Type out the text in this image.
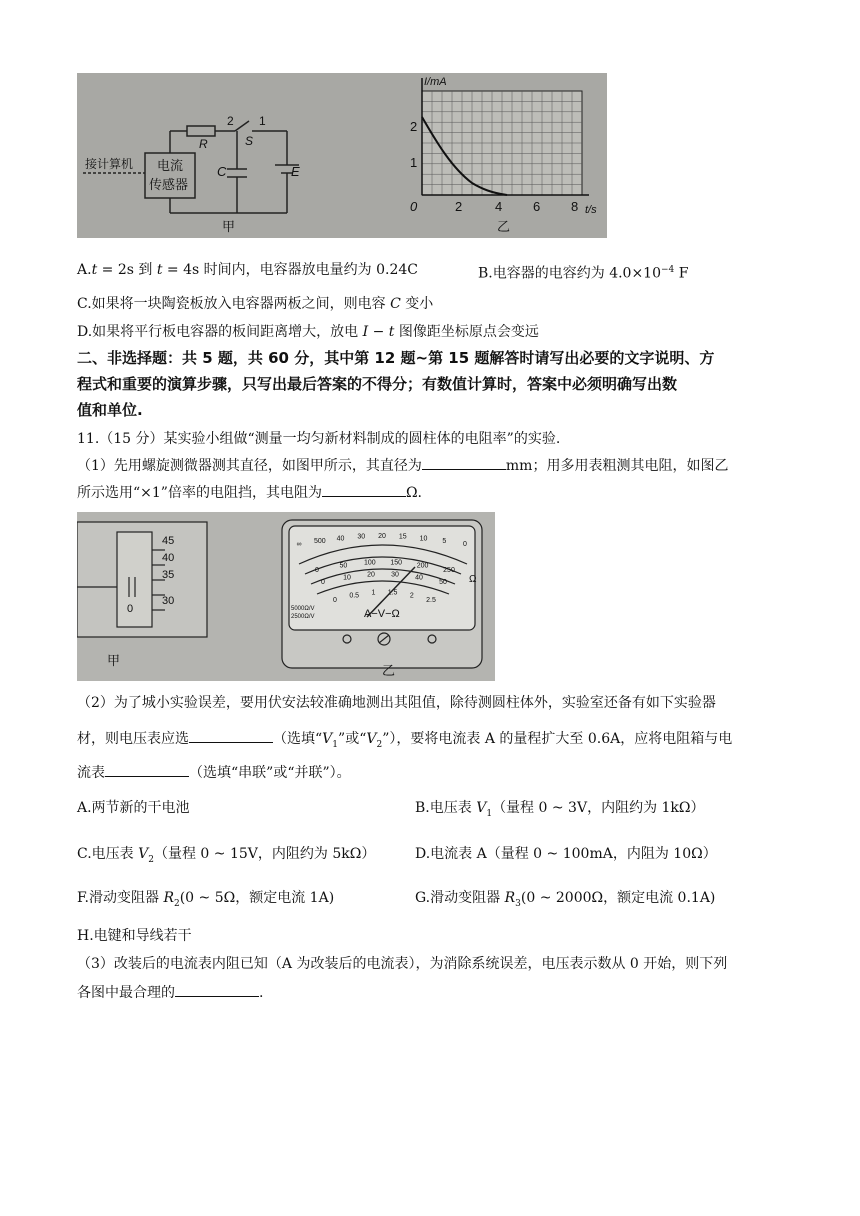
接计算机 电流
传感器
R
C	E
S
1
2
甲
I/mA
t/s
0
1
2
2	4 6 8
乙
A.t = 2s 到 t = 4s 时间内，电容器放电量约为 0.24C	B.电容器的电容约为 $4.0\times 10^{-4}$ F
C.如果将一块陶瓷板放入电容器两板之间，则电容 C 变小
D.如果将平行板电容器的板间距离增大，放电 I − t 图像距坐标原点会变远
二、非选择题：共 5 题，共 60 分，其中第 12 题~第 15 题解答时请写出必要的文字说明、方
程式和重要的演算步骤，只写出最后答案的不得分；有数值计算时，答案中必须明确写出数
值和单位.
11.（15 分）某实验小组做“测量一均匀新材料制成的圆柱体的电阻率”的实验.
（1）先用螺旋测微器测其直径，如图甲所示，其直径为	mm；用多用表粗测其电阻，如图乙
所示选用“×1”倍率的电阻挡，其电阻为	Ω.
45
40
35
30
0
甲
∞ 500 40 30 20 15 10 5 0
0
50 100 150 200
250
0
10 20 30 40
50
0
0.5 1 1.5 2
2.5
A−V−Ω
Ω
5000Ω/V
2500Ω/V
乙
（2）为了城小实验误差，要用伏安法较准确地测出其阻值，除待测圆柱体外，实验室还备有如下实验器
材，则电压表应选	（选填“$V_1$”或“$V_2$”），要将电流表 A 的量程扩大至 0.6A，应将电阻箱与电
流表	（选填“串联”或“并联”）。
A.两节新的干电池	B.电压表 $V_1$（量程 0 ~ 3V，内阻约为 1kΩ）
C.电压表 $V_2$（量程 0 ~ 15V，内阻约为 5kΩ）	D.电流表 A（量程 0 ~ 100mA，内阻为 10Ω）
F.滑动变阻器 $R_2(0$ ~ 5Ω，额定电流 1A)	G.滑动变阻器 $R_3(0$ ~ 2000Ω，额定电流 0.1A)
H.电键和导线若干
（3）改装后的电流表内阻已知（A 为改装后的电流表），为消除系统误差，电压表示数从 0 开始，则下列
各图中最合理的	.
